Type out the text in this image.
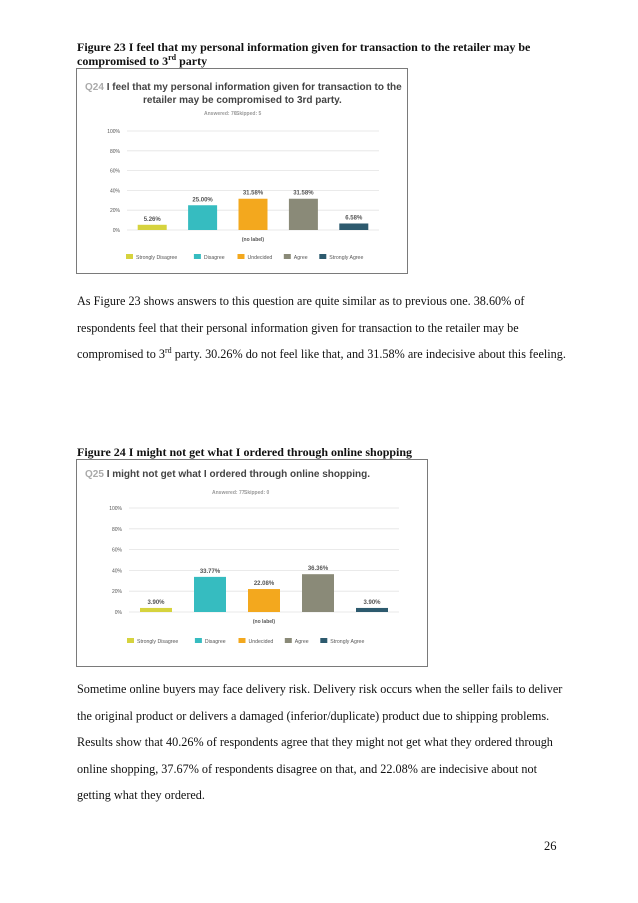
Figure 23 I feel that my personal information given for transaction to the retailer may be compromised to 3rd party
Q24 I feel that my personal information given for transaction to the
retailer may be compromised to 3rd party.
Answered: 76 Skipped: 5
0%
20%
40%
60%
80%
100%
5.26%
25.00%
31.58%	31.58%
6.58%
(no label)
Strongly Disagree	Disagree	Undecided	Agree	Strongly Agree
As Figure 23 shows answers to this question are quite similar as to previous one. 38.60% of respondents feel that their personal information given for transaction to the retailer may be compromised to 3rd party. 30.26% do not feel like that, and 31.58% are indecisive about this feeling.
Figure 24 I might not get what I ordered through online shopping
Q25 I might not get what I ordered through online shopping.
Answered: 77 Skipped: 0
0%
20%
40%
60%
80%
100%
3.90%
33.77%
22.08%
36.36%
3.90%
(no label)
Strongly Disagree	Disagree	Undecided	Agree	Strongly Agree
Sometime online buyers may face delivery risk. Delivery risk occurs when the seller fails to deliver the original product or delivers a damaged (inferior/duplicate) product due to shipping problems. Results show that 40.26% of respondents agree that they might not get what they ordered through online shopping, 37.67% of respondents disagree on that, and 22.08% are indecisive about not getting what they ordered.
26
